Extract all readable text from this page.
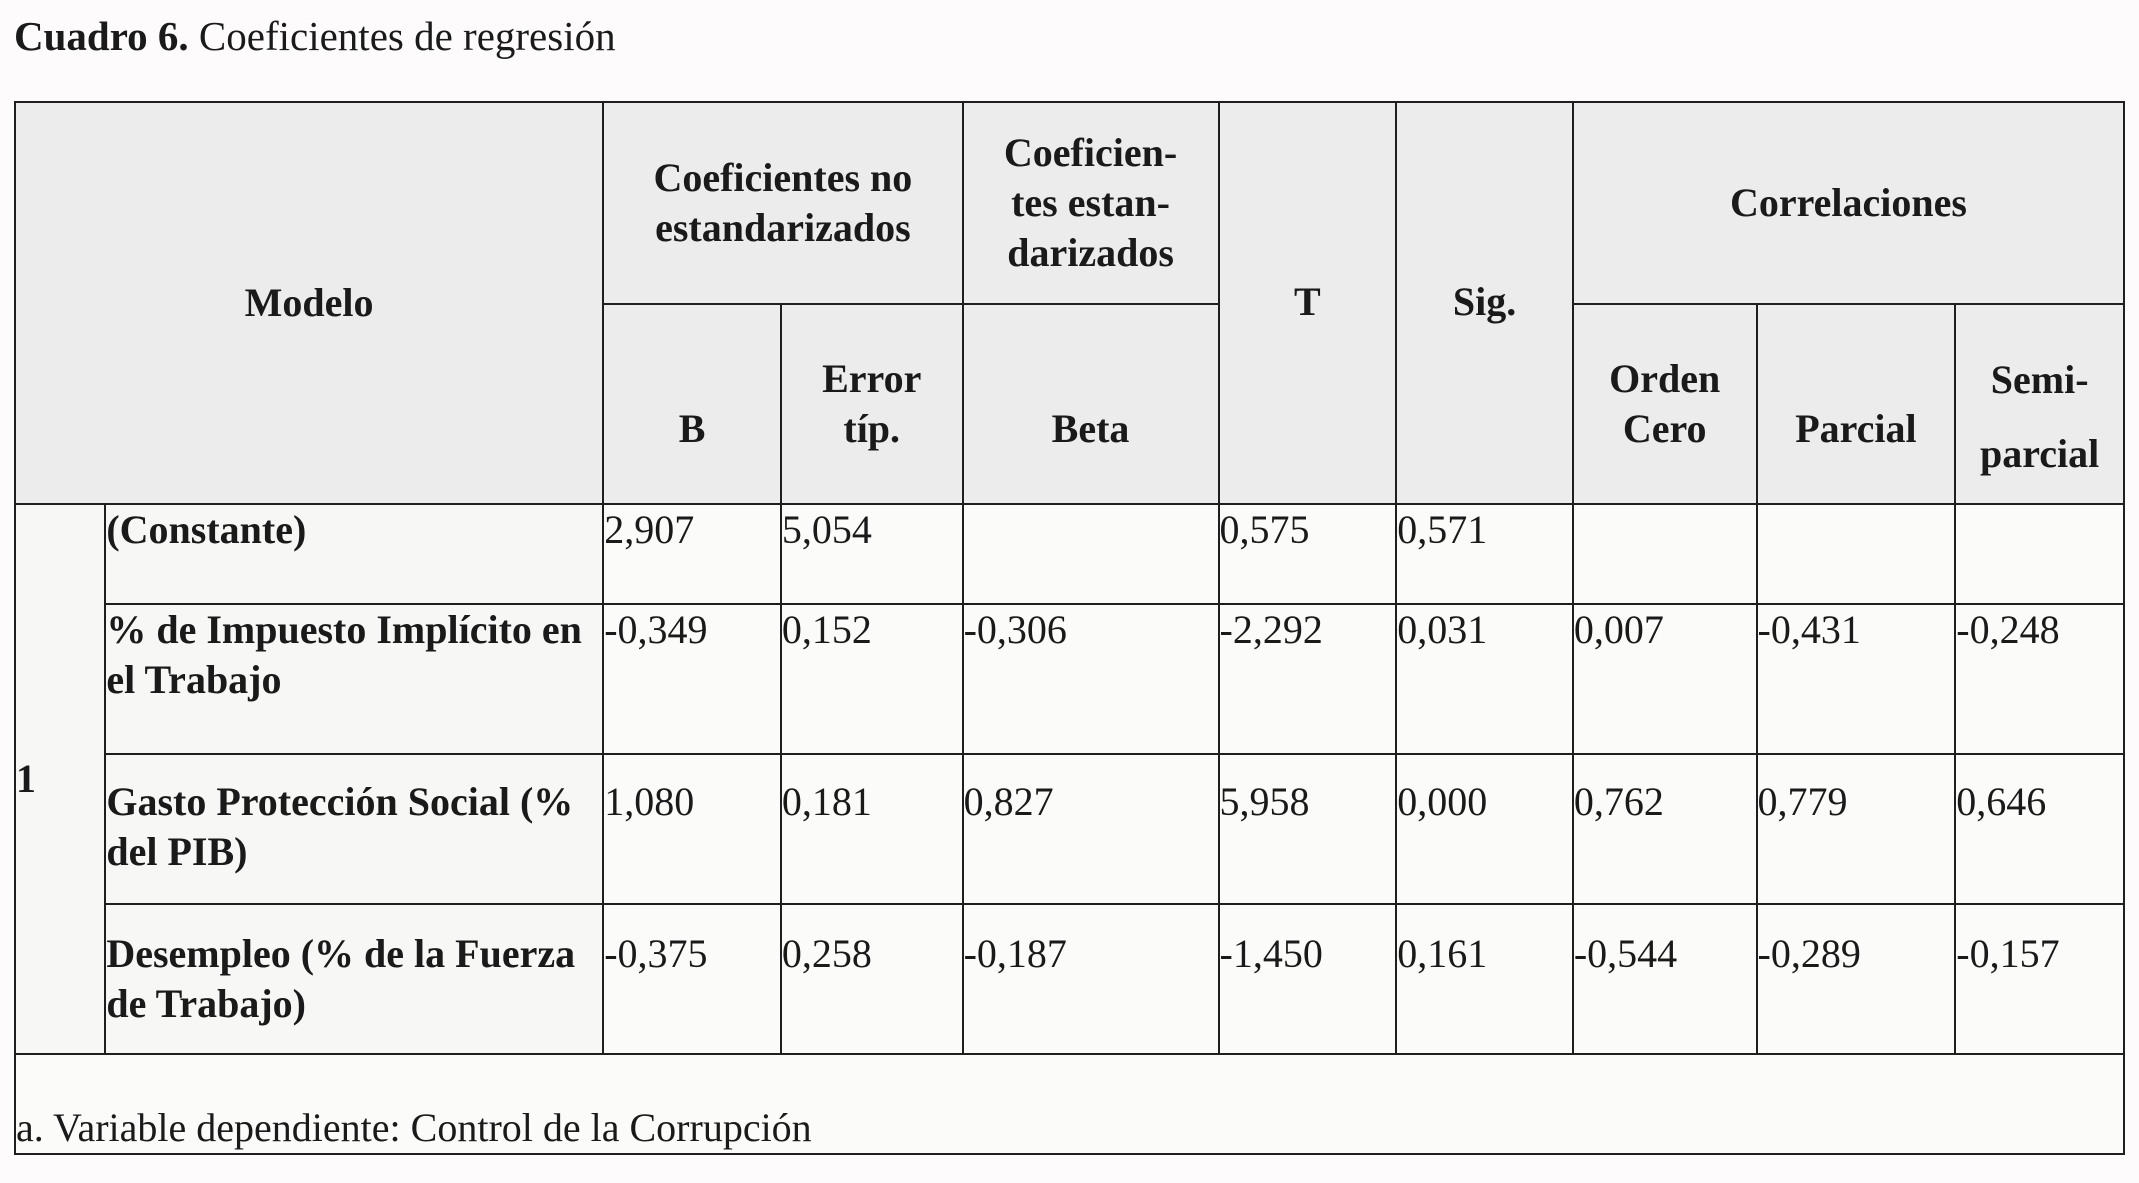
Cuadro 6. Coeficientes de regresión
Modelo		Coeficientes no estandarizados		Coeficien-tes estan-darizados	T	Sig.	Correlaciones		

		B	Error típ.	Beta			Orden Cero	Parcial	Semi-
parcial

1	(Constante)	2,907	5,054		0,575	0,571			
	% de Impuesto Implícito en el Trabajo	-0,349	0,152	-0,306	-2,292	0,031	0,007	-0,431	-0,248
	Gasto Protección Social (% del PIB)	1,080	0,181	0,827	5,958	0,000	0,762	0,779	0,646
	Desempleo (% de la Fuerza de Trabajo)	-0,375	0,258	-0,187	-1,450	0,161	-0,544	-0,289	-0,157
a. Variable dependiente: Control de la Corrupción									
